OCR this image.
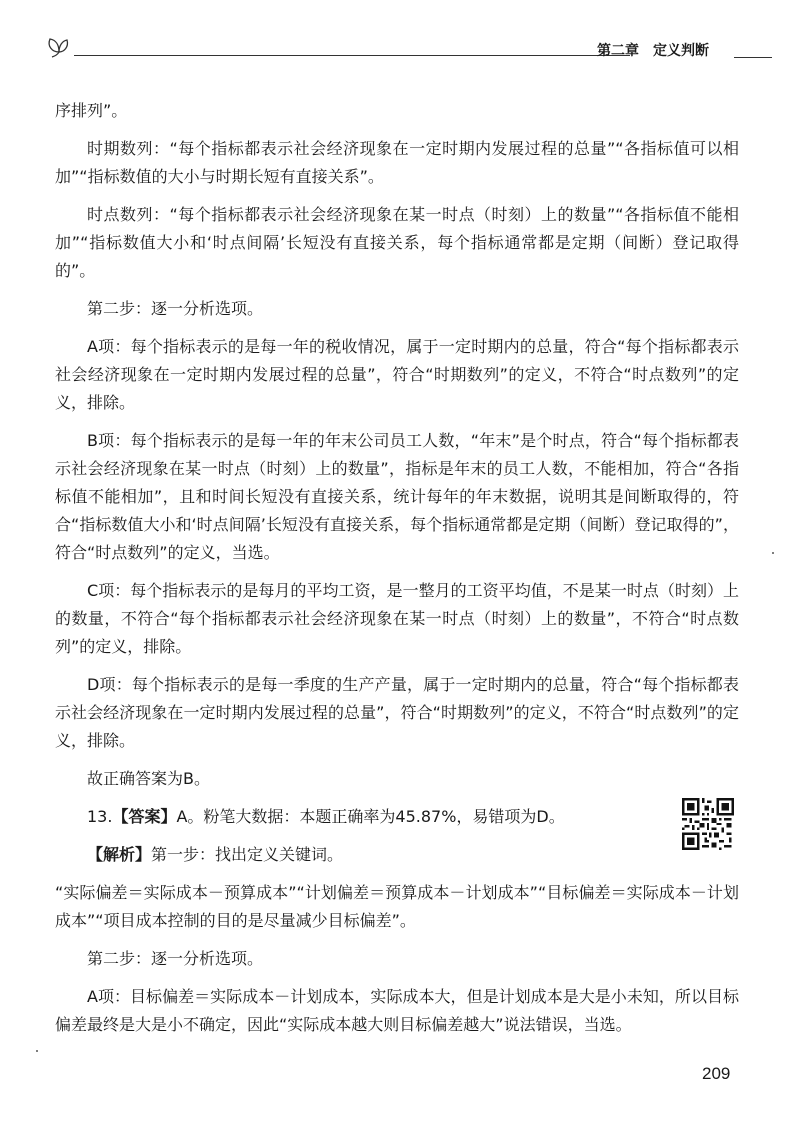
第二章 定义判断

序排列”。

时期数列：“每个指标都表示社会经济现象在一定时期内发展过程的总量”“各指标值可以相加”“指标数值的大小与时期长短有直接关系”。

时点数列：“每个指标都表示社会经济现象在某一时点（时刻）上的数量”“各指标值不能相加”“指标数值大小和‘时点间隔’长短没有直接关系，每个指标通常都是定期（间断）登记取得的”。

第二步：逐一分析选项。

A项：每个指标表示的是每一年的税收情况，属于一定时期内的总量，符合“每个指标都表示社会经济现象在一定时期内发展过程的总量”，符合“时期数列”的定义，不符合“时点数列”的定义，排除。

B项：每个指标表示的是每一年的年末公司员工人数，“年末”是个时点，符合“每个指标都表示社会经济现象在某一时点（时刻）上的数量”，指标是年末的员工人数，不能相加，符合“各指标值不能相加”，且和时间长短没有直接关系，统计每年的年末数据，说明其是间断取得的，符合“指标数值大小和‘时点间隔’长短没有直接关系，每个指标通常都是定期（间断）登记取得的”，符合“时点数列”的定义，当选。

C项：每个指标表示的是每月的平均工资，是一整月的工资平均值，不是某一时点（时刻）上的数量，不符合“每个指标都表示社会经济现象在某一时点（时刻）上的数量”，不符合“时点数列”的定义，排除。

D项：每个指标表示的是每一季度的生产产量，属于一定时期内的总量，符合“每个指标都表示社会经济现象在一定时期内发展过程的总量”，符合“时期数列”的定义，不符合“时点数列”的定义，排除。

故正确答案为B。

13.【答案】A。粉笔大数据：本题正确率为45.87%，易错项为D。

【解析】第一步：找出定义关键词。

“实际偏差＝实际成本－预算成本”“计划偏差＝预算成本－计划成本”“目标偏差＝实际成本－计划成本”“项目成本控制的目的是尽量减少目标偏差”。

第二步：逐一分析选项。

A项：目标偏差＝实际成本－计划成本，实际成本大，但是计划成本是大是小未知，所以目标偏差最终是大是小不确定，因此“实际成本越大则目标偏差越大”说法错误，当选。

209
